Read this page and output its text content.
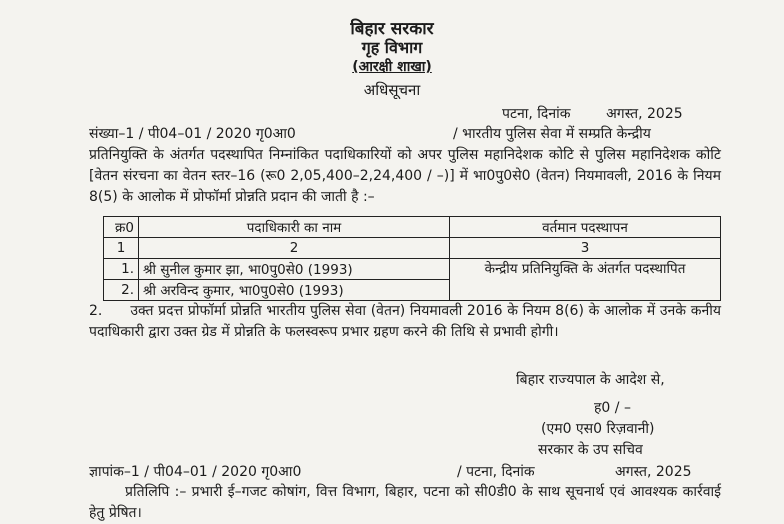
बिहार सरकार
गृह विभाग
(आरक्षी शाखा)
अधिसूचना
पटना, दिनांक        अगस्त, 2025
संख्या–1 / पी04–01 / 2020 गृ0आ0	/ भारतीय पुलिस सेवा में सम्प्रति केन्द्रीय
प्रतिनियुक्ति के अंतर्गत पदस्थापित निम्नांकित पदाधिकारियों को अपर पुलिस महानिदेशक कोटि से पुलिस महानिदेशक कोटि [वेतन संरचना का वेतन स्तर–16 (रू0 2,05,400–2,24,400 / –)] में भा0पु0से0 (वेतन) नियमावली, 2016 के नियम 8(5) के आलोक में प्रोफॉर्मा प्रोन्नति प्रदान की जाती है :–
क्र0	पदाधिकारी का नाम	वर्तमान पदस्थापन
1	2	3
1.	श्री सुनील कुमार झा, भा0पु0से0 (1993)	केन्द्रीय प्रतिनियुक्ति के अंतर्गत पदस्थापित
2.	श्री अरविन्द कुमार, भा0पु0से0 (1993)	
2.      उक्त प्रदत्त प्रोफॉर्मा प्रोन्नति भारतीय पुलिस सेवा (वेतन) नियमावली 2016 के नियम 8(6) के आलोक में उनके कनीय पदाधिकारी द्वारा उक्त ग्रेड में प्रोन्नति के फलस्वरूप प्रभार ग्रहण करने की तिथि से प्रभावी होगी।
बिहार राज्यपाल के आदेश से,
ह0 / –
(एम0 एस0 रिज़वानी)
सरकार के उप सचिव
ज्ञापांक–1 / पी04–01 / 2020 गृ0आ0	/ पटना, दिनांक	अगस्त, 2025
प्रतिलिपि :– प्रभारी ई–गजट कोषांग, वित्त विभाग, बिहार, पटना को सी0डी0 के साथ सूचनार्थ एवं आवश्यक कार्रवाई हेतु प्रेषित।
